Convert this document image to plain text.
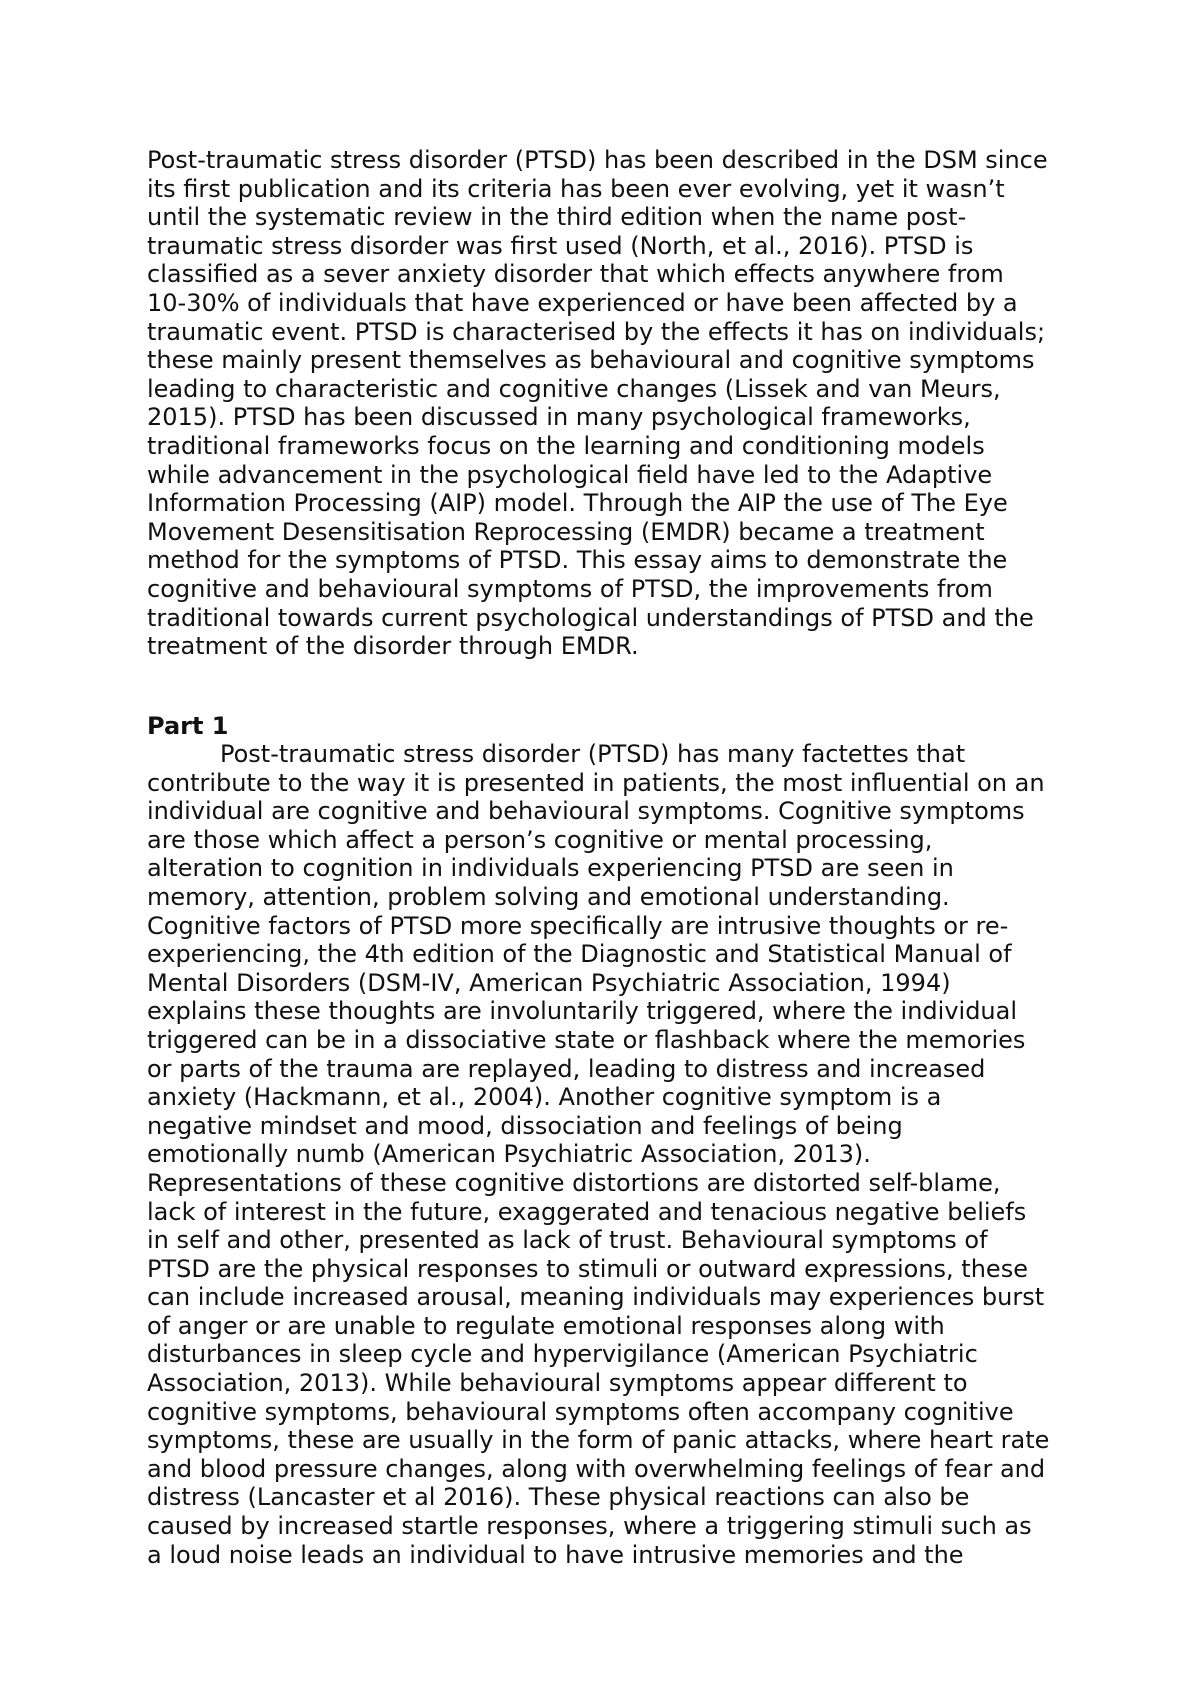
Post-traumatic stress disorder (PTSD) has been described in the DSM since
its first publication and its criteria has been ever evolving, yet it wasn’t
until the systematic review in the third edition when the name post-
traumatic stress disorder was first used (North, et al., 2016). PTSD is
classified as a sever anxiety disorder that which effects anywhere from
10-30% of individuals that have experienced or have been affected by a
traumatic event. PTSD is characterised by the effects it has on individuals;
these mainly present themselves as behavioural and cognitive symptoms
leading to characteristic and cognitive changes (Lissek and van Meurs,
2015). PTSD has been discussed in many psychological frameworks,
traditional frameworks focus on the learning and conditioning models
while advancement in the psychological field have led to the Adaptive
Information Processing (AIP) model. Through the AIP the use of The Eye
Movement Desensitisation Reprocessing (EMDR) became a treatment
method for the symptoms of PTSD. This essay aims to demonstrate the
cognitive and behavioural symptoms of PTSD, the improvements from
traditional towards current psychological understandings of PTSD and the
treatment of the disorder through EMDR.
Part 1
Post-traumatic stress disorder (PTSD) has many factettes that
contribute to the way it is presented in patients, the most influential on an
individual are cognitive and behavioural symptoms. Cognitive symptoms
are those which affect a person’s cognitive or mental processing,
alteration to cognition in individuals experiencing PTSD are seen in
memory, attention, problem solving and emotional understanding.
Cognitive factors of PTSD more specifically are intrusive thoughts or re-
experiencing, the 4th edition of the Diagnostic and Statistical Manual of
Mental Disorders (DSM-IV, American Psychiatric Association, 1994)
explains these thoughts are involuntarily triggered, where the individual
triggered can be in a dissociative state or flashback where the memories
or parts of the trauma are replayed, leading to distress and increased
anxiety (Hackmann, et al., 2004). Another cognitive symptom is a
negative mindset and mood, dissociation and feelings of being
emotionally numb (American Psychiatric Association, 2013).
Representations of these cognitive distortions are distorted self-blame,
lack of interest in the future, exaggerated and tenacious negative beliefs
in self and other, presented as lack of trust. Behavioural symptoms of
PTSD are the physical responses to stimuli or outward expressions, these
can include increased arousal, meaning individuals may experiences burst
of anger or are unable to regulate emotional responses along with
disturbances in sleep cycle and hypervigilance (American Psychiatric
Association, 2013). While behavioural symptoms appear different to
cognitive symptoms, behavioural symptoms often accompany cognitive
symptoms, these are usually in the form of panic attacks, where heart rate
and blood pressure changes, along with overwhelming feelings of fear and
distress (Lancaster et al 2016). These physical reactions can also be
caused by increased startle responses, where a triggering stimuli such as
a loud noise leads an individual to have intrusive memories and the
